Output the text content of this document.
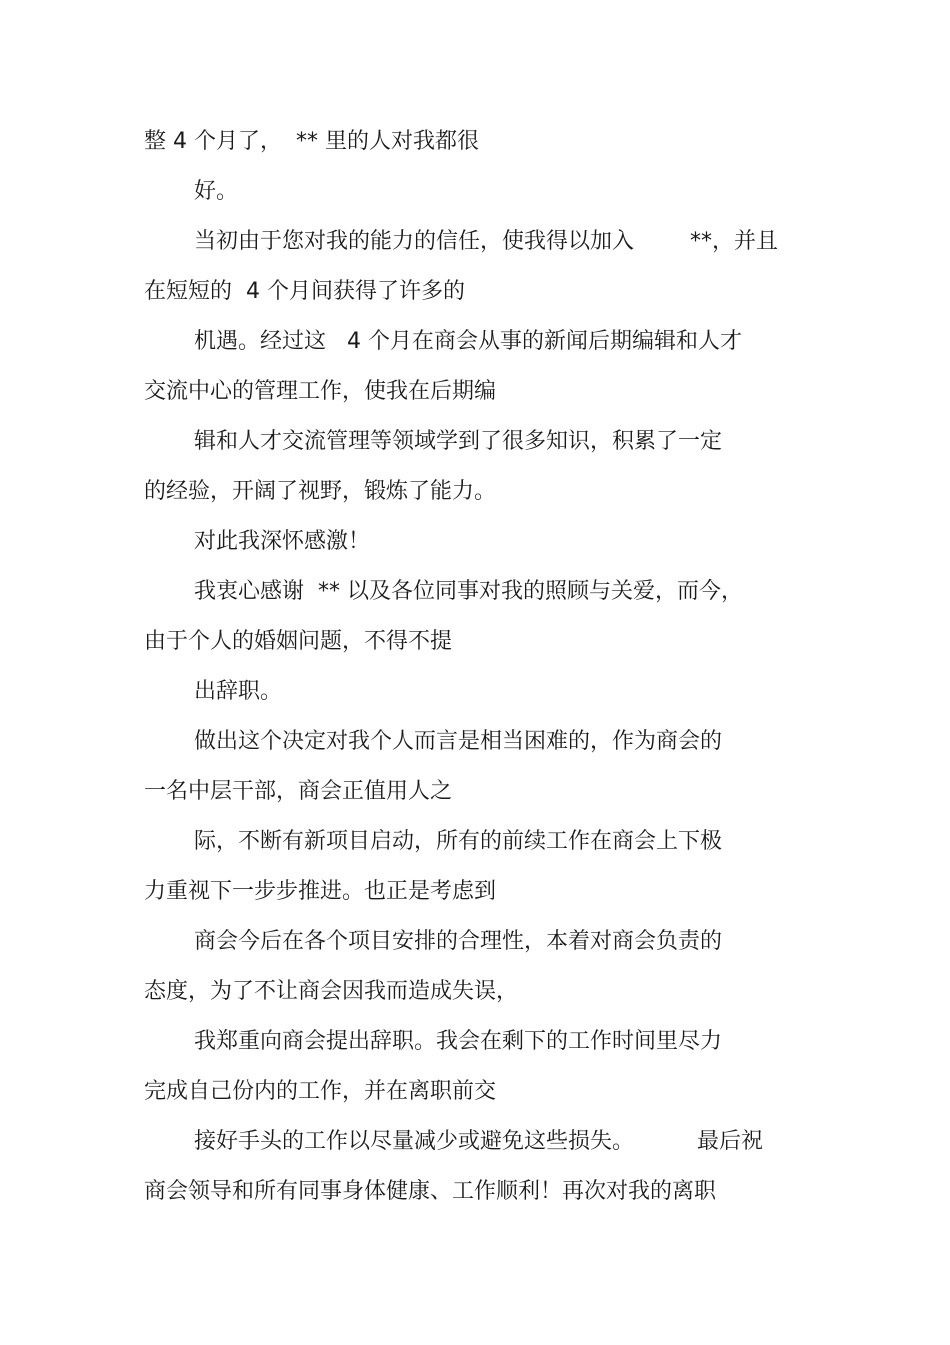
整 4 个月了，  ** 里的人对我都很

好。

当初由于您对我的能力的信任，使我得以加入        **，并且

在短短的  4 个月间获得了许多的

机遇。经过这   4 个月在商会从事的新闻后期编辑和人才

交流中心的管理工作，使我在后期编

辑和人才交流管理等领域学到了很多知识，积累了一定

的经验，开阔了视野，锻炼了能力。

对此我深怀感激！

我衷心感谢  ** 以及各位同事对我的照顾与关爱，而今，

由于个人的婚姻问题，不得不提

出辞职。

做出这个决定对我个人而言是相当困难的，作为商会的

一名中层干部，商会正值用人之

际，不断有新项目启动，所有的前续工作在商会上下极

力重视下一步步推进。也正是考虑到

商会今后在各个项目安排的合理性，本着对商会负责的

态度，为了不让商会因我而造成失误，

我郑重向商会提出辞职。我会在剩下的工作时间里尽力

完成自己份内的工作，并在离职前交

接好手头的工作以尽量减少或避免这些损失。         最后祝

商会领导和所有同事身体健康、工作顺利！再次对我的离职
